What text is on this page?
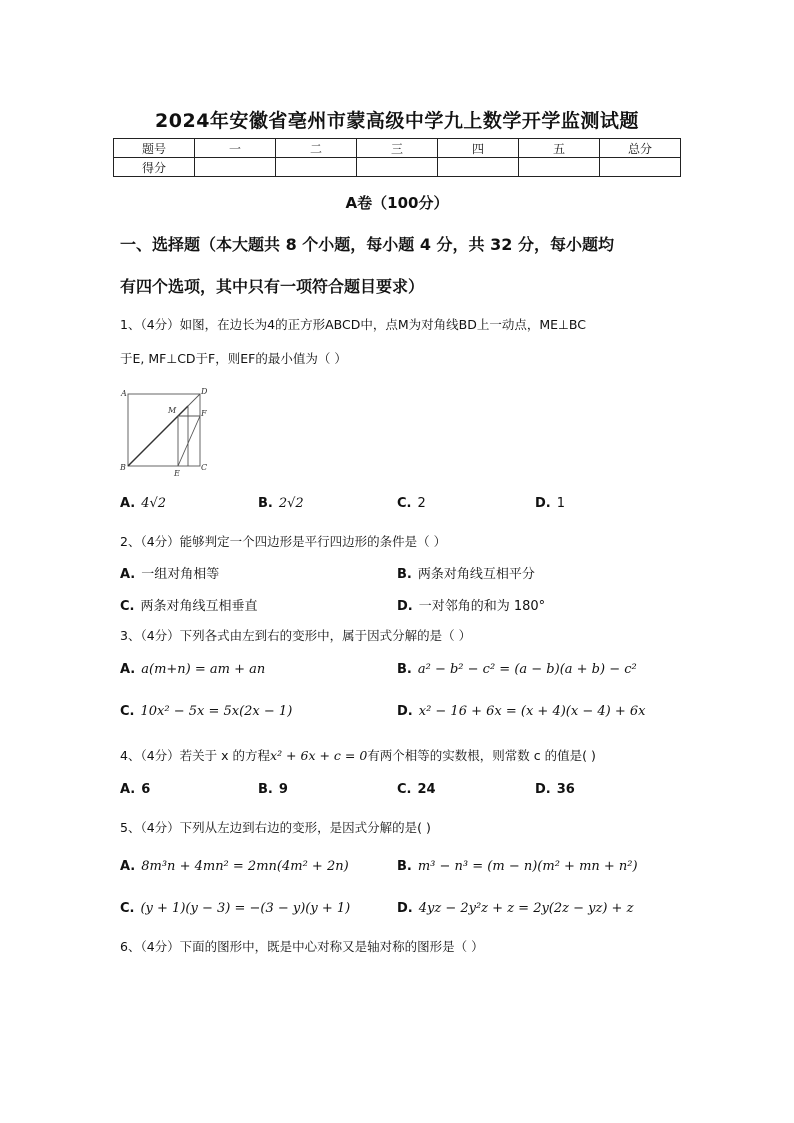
2024年安徽省亳州市蒙高级中学九上数学开学监测试题
题号	一	二	三	四	五	总分
得分						
A卷（100分）
一、选择题（本大题共 8 个小题，每小题 4 分，共 32 分，每小题均
有四个选项，其中只有一项符合题目要求）
1、（4分）如图，在边长为4的正方形ABCD中，点M为对角线BD上一动点，ME⊥BC
于E, MF⊥CD于F，则EF的最小值为（ ）
A	D
M	F
B
E
C
A. 4√2	B. 2√2	C. 2	D. 1
2、（4分）能够判定一个四边形是平行四边形的条件是（ ）
A. 一组对角相等	B. 两条对角线互相平分
C. 两条对角线互相垂直	D. 一对邻角的和为 180°
3、（4分）下列各式由左到右的变形中，属于因式分解的是（ ）
A. a(m+n) = am + an	B. a² − b² − c² = (a − b)(a + b) − c²
C. 10x² − 5x = 5x(2x − 1)	D. x² − 16 + 6x = (x + 4)(x − 4) + 6x
4、（4分）若关于 x 的方程x² + 6x + c = 0有两个相等的实数根，则常数 c 的值是( )
A. 6	B. 9	C. 24	D. 36
5、（4分）下列从左边到右边的变形，是因式分解的是( )
A. 8m³n + 4mn² = 2mn(4m² + 2n)	B. m³ − n³ = (m − n)(m² + mn + n²)
C. (y + 1)(y − 3) = −(3 − y)(y + 1)	D. 4yz − 2y²z + z = 2y(2z − yz) + z
6、（4分）下面的图形中，既是中心对称又是轴对称的图形是（ ）
